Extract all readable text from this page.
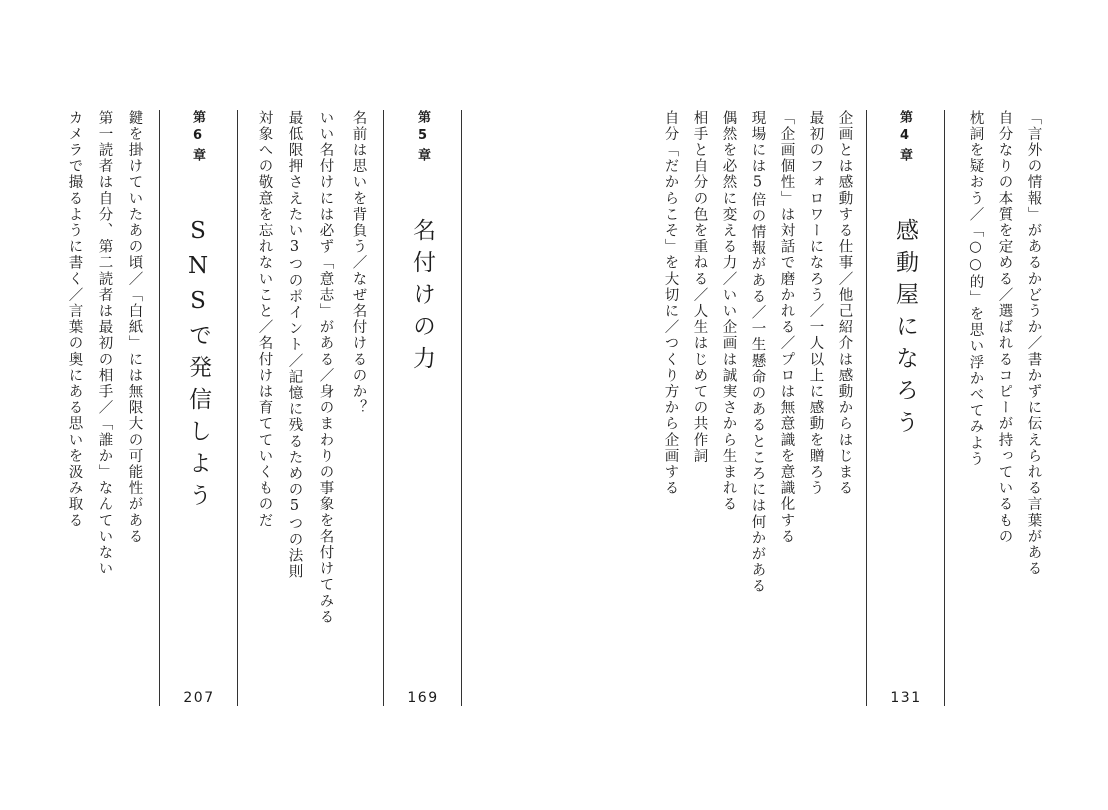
枕詞を疑おう／「○○的」を思い浮かべてみよう 自分なりの本質を定める／選ばれるコピーが持っているもの 「言外の情報」があるかどうか／書かずに伝えられる言葉がある
第4章
感動屋になろう
131
企画とは感動する仕事／他己紹介は感動からはじまる
最初のフォロワーになろう／一人以上に感動を贈ろう
「企画個性」は対話で磨かれる／プロは無意識を意識化する
現場には5倍の情報がある／一生懸命のあるところには何かがある
偶然を必然に変える力／いい企画は誠実さから生まれる
相手と自分の色を重ねる／人生はじめての共作詞
自分「だからこそ」を大切に／つくり方から企画する
第5章
名付けの力
169
名前は思いを背負う／なぜ名付けるのか？
いい名付けには必ず「意志」がある／身のまわりの事象を名付けてみる
最低限押さえたい3つのポイント／記憶に残るための5つの法則
対象への敬意を忘れないこと／名付けは育てていくものだ
第6章
SNSで発信しよう
207
鍵を掛けていたあの頃／「白紙」には無限大の可能性がある
第一読者は自分、第二読者は最初の相手／「誰か」なんていない
カメラで撮るように書く／言葉の奥にある思いを汲み取る
